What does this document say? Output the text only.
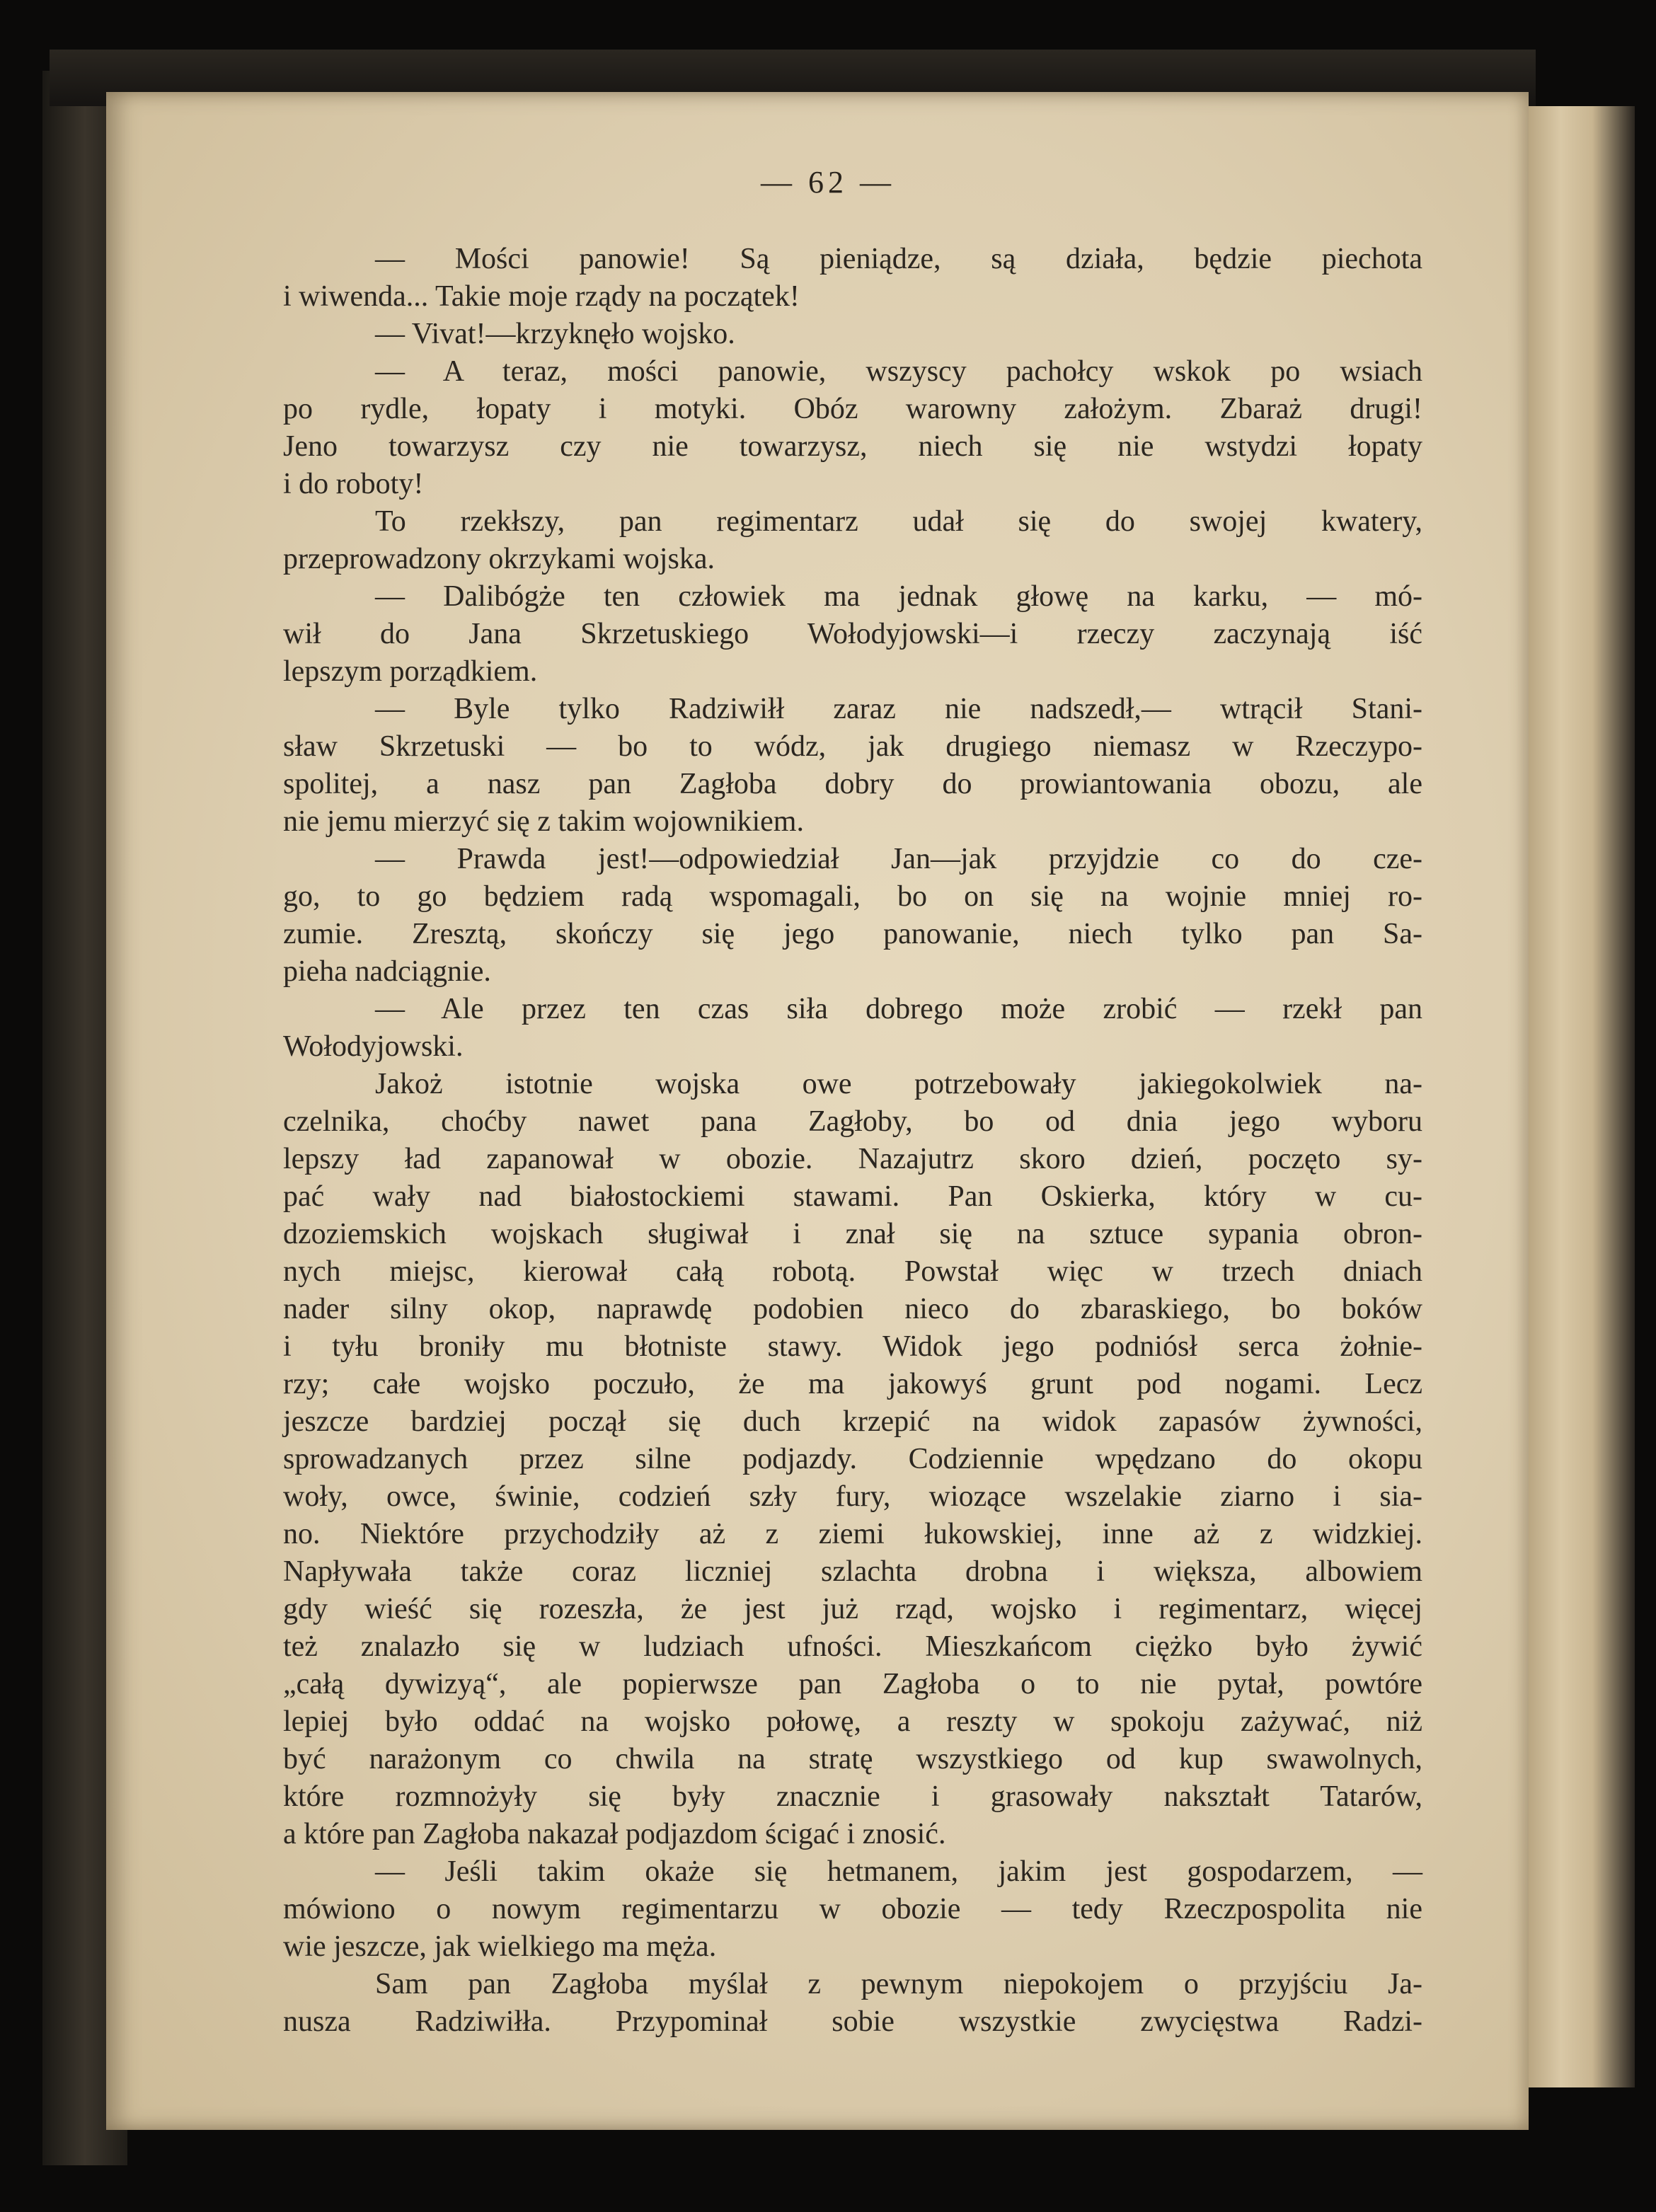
— 62 —
— Mości panowie! Są pieniądze, są działa, będzie piechota
i wiwenda... Takie moje rządy na początek!
— Vivat!—krzyknęło wojsko.
— A teraz, mości panowie, wszyscy pachołcy wskok po wsiach
po rydle, łopaty i motyki. Obóz warowny założym. Zbaraż drugi!
Jeno towarzysz czy nie towarzysz, niech się nie wstydzi łopaty
i do roboty!
To rzekłszy, pan regimentarz udał się do swojej kwatery,
przeprowadzony okrzykami wojska.
— Dalibógże ten człowiek ma jednak głowę na karku, — mó-
wił do Jana Skrzetuskiego Wołodyjowski—i rzeczy zaczynają iść
lepszym porządkiem.
— Byle tylko Radziwiłł zaraz nie nadszedł,— wtrącił Stani-
sław Skrzetuski — bo to wódz, jak drugiego niemasz w Rzeczypo-
spolitej, a nasz pan Zagłoba dobry do prowiantowania obozu, ale
nie jemu mierzyć się z takim wojownikiem.
— Prawda jest!—odpowiedział Jan—jak przyjdzie co do cze-
go, to go będziem radą wspomagali, bo on się na wojnie mniej ro-
zumie. Zresztą, skończy się jego panowanie, niech tylko pan Sa-
pieha nadciągnie.
— Ale przez ten czas siła dobrego może zrobić — rzekł pan
Wołodyjowski.
Jakoż istotnie wojska owe potrzebowały jakiegokolwiek na-
czelnika, choćby nawet pana Zagłoby, bo od dnia jego wyboru
lepszy ład zapanował w obozie. Nazajutrz skoro dzień, poczęto sy-
pać wały nad białostockiemi stawami. Pan Oskierka, który w cu-
dzoziemskich wojskach sługiwał i znał się na sztuce sypania obron-
nych miejsc, kierował całą robotą. Powstał więc w trzech dniach
nader silny okop, naprawdę podobien nieco do zbaraskiego, bo boków
i tyłu broniły mu błotniste stawy. Widok jego podniósł serca żołnie-
rzy; całe wojsko poczuło, że ma jakowyś grunt pod nogami. Lecz
jeszcze bardziej począł się duch krzepić na widok zapasów żywności,
sprowadzanych przez silne podjazdy. Codziennie wpędzano do okopu
woły, owce, świnie, codzień szły fury, wiozące wszelakie ziarno i sia-
no. Niektóre przychodziły aż z ziemi łukowskiej, inne aż z widzkiej.
Napływała także coraz liczniej szlachta drobna i większa, albowiem
gdy wieść się rozeszła, że jest już rząd, wojsko i regimentarz, więcej
też znalazło się w ludziach ufności. Mieszkańcom ciężko było żywić
„całą dywizyą“, ale popierwsze pan Zagłoba o to nie pytał, powtóre
lepiej było oddać na wojsko połowę, a reszty w spokoju zażywać, niż
być narażonym co chwila na stratę wszystkiego od kup swawolnych,
które rozmnożyły się były znacznie i grasowały nakształt Tatarów,
a które pan Zagłoba nakazał podjazdom ścigać i znosić.
— Jeśli takim okaże się hetmanem, jakim jest gospodarzem, —
mówiono o nowym regimentarzu w obozie — tedy Rzeczpospolita nie
wie jeszcze, jak wielkiego ma męża.
Sam pan Zagłoba myślał z pewnym niepokojem o przyjściu Ja-
nusza Radziwiłła. Przypominał sobie wszystkie zwycięstwa Radzi-
